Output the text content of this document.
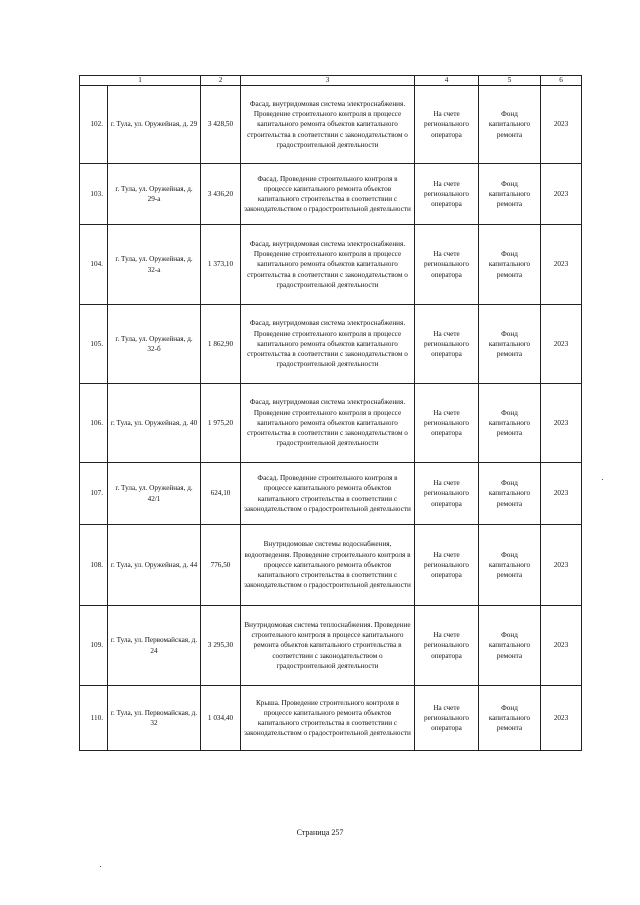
1		2	3	4	5	6
102.	г. Тула, ул. Оружейная, д. 29	3 428,50	Фасад, внутридомовая система электроснабжения. Проведение строительного контроля в процессе капитального ремонта объектов капитального строительства в соответствии с законодательством о градостроительной деятельности	На счете регионального оператора	Фонд капитального ремонта	2023
103.	г. Тула, ул. Оружейная, д. 29-а	3 436,20	Фасад. Проведение строительного контроля в процессе капитального ремонта объектов капитального строительства в соответствии с законодательством о градостроительной деятельности	На счете регионального оператора	Фонд капитального ремонта	2023
104.	г. Тула, ул. Оружейная, д. 32-а	1 373,10	Фасад, внутридомовая система электроснабжения. Проведение строительного контроля в процессе капитального ремонта объектов капитального строительства в соответствии с законодательством о градостроительной деятельности	На счете регионального оператора	Фонд капитального ремонта	2023
105.	г. Тула, ул. Оружейная, д. 32-б	1 862,90	Фасад, внутридомовая система электроснабжения. Проведение строительного контроля в процессе капитального ремонта объектов капитального строительства в соответствии с законодательством о градостроительной деятельности	На счете регионального оператора	Фонд капитального ремонта	2023
106.	г. Тула, ул. Оружейная, д. 40	1 975,20	Фасад, внутридомовая система электроснабжения. Проведение строительного контроля в процессе капитального ремонта объектов капитального строительства в соответствии с законодательством о градостроительной деятельности	На счете регионального оператора	Фонд капитального ремонта	2023
107.	г. Тула, ул. Оружейная, д. 42/1	624,10	Фасад. Проведение строительного контроля в процессе капитального ремонта объектов капитального строительства в соответствии с законодательством о градостроительной деятельности	На счете регионального оператора	Фонд капитального ремонта	2023
108.	г. Тула, ул. Оружейная, д. 44	776,50	Внутридомовые системы водоснабжения, водоотведения. Проведение строительного контроля в процессе капитального ремонта объектов капитального строительства в соответствии с законодательством о градостроительной деятельности	На счете регионального оператора	Фонд капитального ремонта	2023
109.	г. Тула, ул. Первомайская, д. 24	3 295,30	Внутридомовая система теплоснабжения. Проведение строительного контроля в процессе капитального ремонта объектов капитального строительства в соответствии с законодательством о градостроительной деятельности	На счете регионального оператора	Фонд капитального ремонта	2023
110.	г. Тула, ул. Первомайская, д. 32	1 034,40	Крыша. Проведение строительного контроля в процессе капитального ремонта объектов капитального строительства в соответствии с законодательством о градостроительной деятельности	На счете регионального оператора	Фонд капитального ремонта	2023
Страница 257
